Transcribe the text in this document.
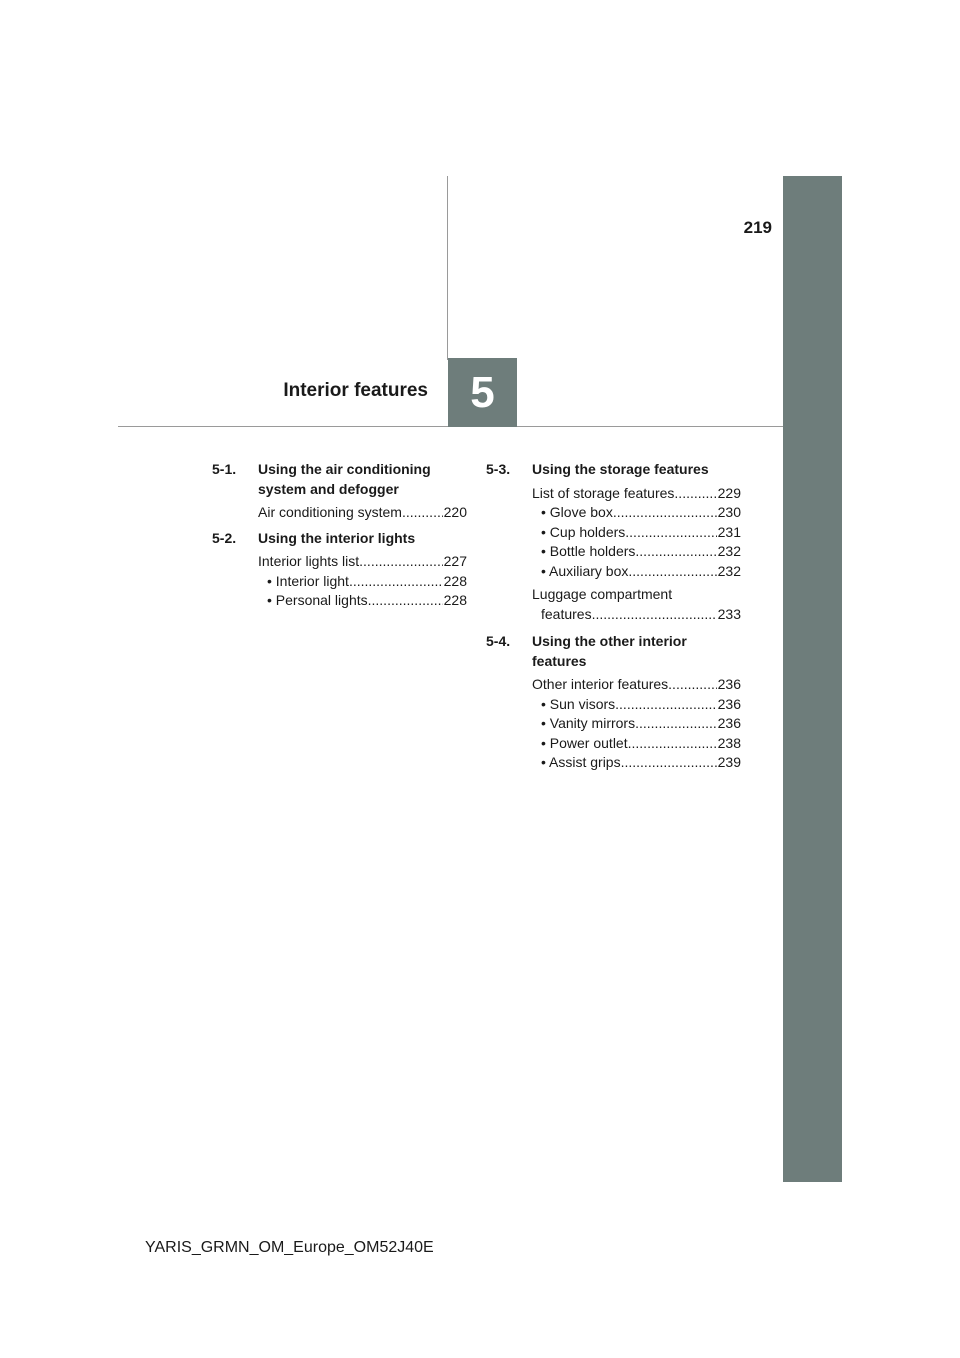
219
Interior features 5
5-1.	Using the air conditioning system and defogger
Air conditioning system .....	220
5-2.	Using the interior lights
Interior lights list .....	227
• Interior light .....	228
• Personal lights .....	228
5-3.	Using the storage features
List of storage features .....	229
• Glove box .....	230
• Cup holders .....	231
• Bottle holders .....	232
• Auxiliary box .....	232
Luggage compartment
features .....	233
5-4.	Using the other interior features
Other interior features .....	236
• Sun visors .....	236
• Vanity mirrors .....	236
• Power outlet .....	238
• Assist grips .....	239
YARIS_GRMN_OM_Europe_OM52J40E
